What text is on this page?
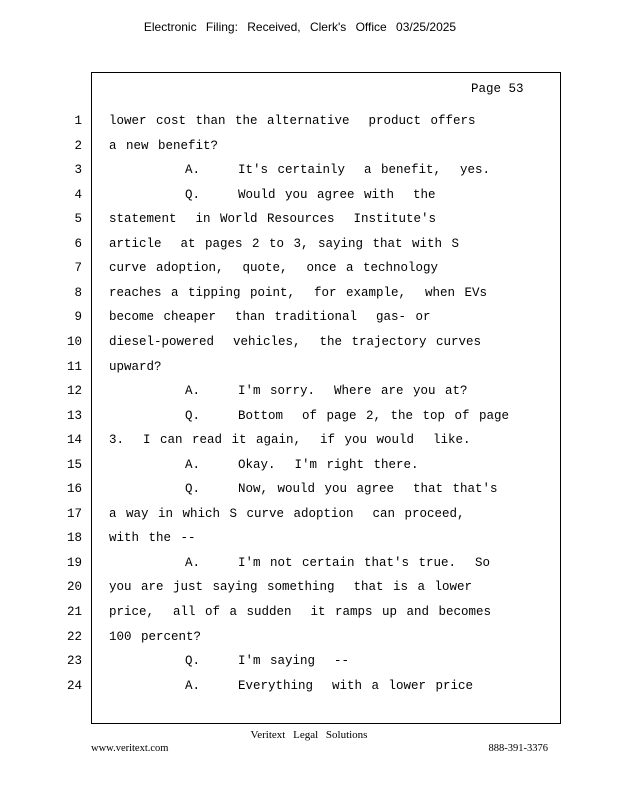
Electronic Filing: Received, Clerk's Office 03/25/2025
Page 53
1 lower cost than the alternative  product offers
2 a new benefit?
3 A.    It's certainly  a benefit,  yes.
4 Q.    Would you agree with  the
5 statement  in World Resources  Institute's
6 article  at pages 2 to 3, saying that with S
7 curve adoption,  quote,  once a technology
8 reaches a tipping point,  for example,  when EVs
9 become cheaper  than traditional  gas- or
10 diesel-powered  vehicles,  the trajectory curves
11 upward?
12 A.    I'm sorry.  Where are you at?
13 Q.    Bottom  of page 2, the top of page
14 3.  I can read it again,  if you would  like.
15 A.    Okay.  I'm right there.
16 Q.    Now, would you agree  that that's
17 a way in which S curve adoption  can proceed,
18 with the --
19 A.    I'm not certain that's true.  So
20 you are just saying something  that is a lower
21 price,  all of a sudden  it ramps up and becomes
22 100 percent?
23 Q.    I'm saying  --
24 A.    Everything  with a lower price
Veritext Legal Solutions
www.veritext.com	888-391-3376
